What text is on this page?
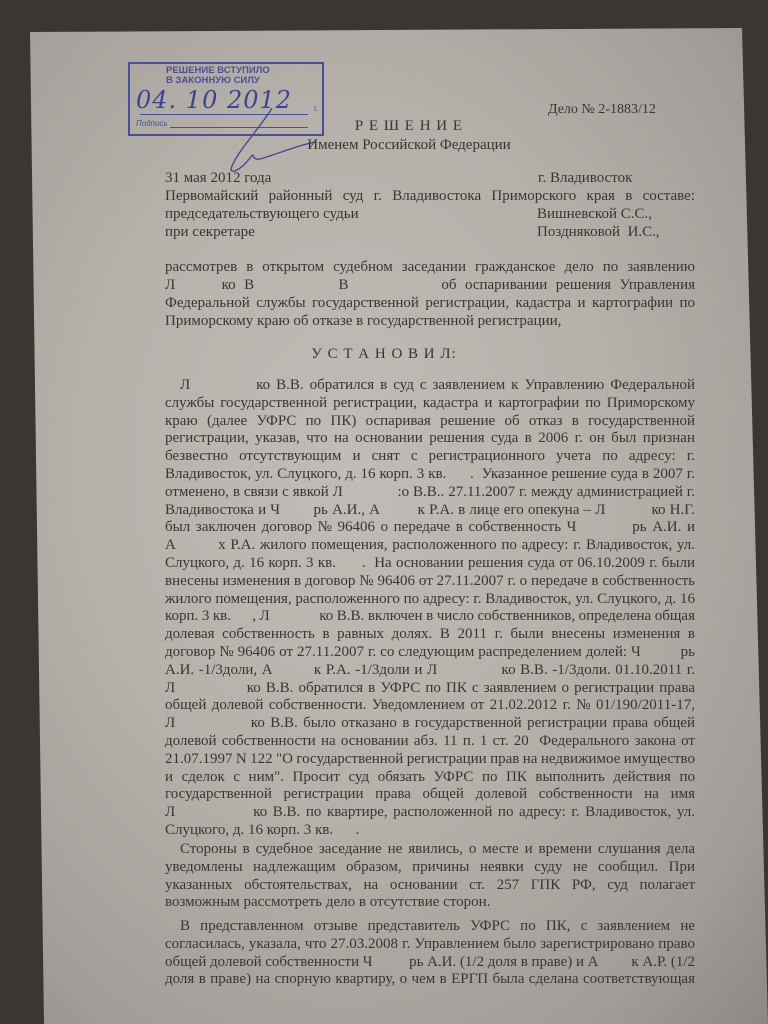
РЕШЕНИЕ ВСТУПИЛО
В ЗАКОННУЮ СИЛУ
04. 10 2012	г.
Подпись
Дело № 2-1883/12
Р Е Ш Е Н И Е
Именем Российской Федерации
31 мая 2012 года	г. Владивосток
Первомайский районный суд г. Владивостока Приморского края в составе:
председательствующего судьи	Вишневской С.С.,
при секретаре	Поздняковой  И.С.,
рассмотрев в открытом судебном заседании гражданское дело по заявлению
Л           ко  В                    В                      об  оспаривании  решения  Управления
Федеральной службы государственной регистрации, кадастра и картографии по
Приморскому краю об отказе в государственной регистрации,
У С Т А Н О В И Л:
Л           ко В.В. обратился в суд с заявлением к Управлению Федеральной
службы государственной регистрации, кадастра и картографии по Приморскому
краю (далее УФРС по ПК) оспаривая решение об отказ в государственной
регистрации, указав, что на основании решения суда в 2006 г. он был признан
безвестно отсутствующим и снят с регистрационного учета по адресу: г.
Владивосток, ул. Слуцкого, д. 16 корп. 3 кв.      .  Указанное решение суда в 2007 г.
отменено, в связи с явкой Л              :о В.В.. 27.11.2007 г. между администрацией г.
Владивостока и Ч        рь А.И., А         к Р.А. в лице его опекуна – Л           ко Н.Г.
был заключен договор № 96406 о передаче в собственность Ч          рь А.И. и
А         х Р.А. жилого помещения, расположенного по адресу: г. Владивосток, ул.
Слуцкого, д. 16 корп. 3 кв.      .  На основании решения суда от 06.10.2009 г. были
внесены изменения в договор № 96406 от 27.11.2007 г. о передаче в собственность
жилого помещения, расположенного по адресу: г. Владивосток, ул. Слуцкого, д. 16
корп. 3 кв.      , Л              ко В.В. включен в число собственников, определена общая
долевая собственность в равных долях. В 2011 г. были внесены изменения в
договор № 96406 от 27.11.2007 г. со следующим распределением долей: Ч          рь
А.И. -1/3доли, А         к Р.А. -1/3доли и Л              ко В.В. -1/3доли. 01.10.2011 г.
Л              ко В.В. обратился в УФРС по ПК с заявлением о регистрации права
общей долевой собственности. Уведомлением от 21.02.2012 г. № 01/190/2011-17,
Л              ко В.В. было отказано в государственной регистрации права общей
долевой собственности на основании абз. 11 п. 1 ст. 20  Федерального закона от
21.07.1997 N 122 "О государственной регистрации прав на недвижимое имущество
и сделок с ним". Просит суд обязать УФРС по ПК выполнить действия по
государственной регистрации права общей долевой собственности на имя
Л              ко В.В. по квартире, расположенной по адресу: г. Владивосток, ул.
Слуцкого, д. 16 корп. 3 кв.      .
Стороны в судебное заседание не явились, о месте и времени слушания дела
уведомлены надлежащим образом, причины неявки суду не сообщил. При
указанных обстоятельствах, на основании ст. 257 ГПК РФ, суд полагает
возможным рассмотреть дело в отсутствие сторон.
В представленном отзыве представитель УФРС по ПК, с заявлением не
согласилась, указала, что 27.03.2008 г. Управлением было зарегистрировано право
общей долевой собственности Ч          рь А.И. (1/2 доля в праве) и А         к А.Р. (1/2
доля в праве) на спорную квартиру, о чем в ЕРГП была сделана соответствующая
